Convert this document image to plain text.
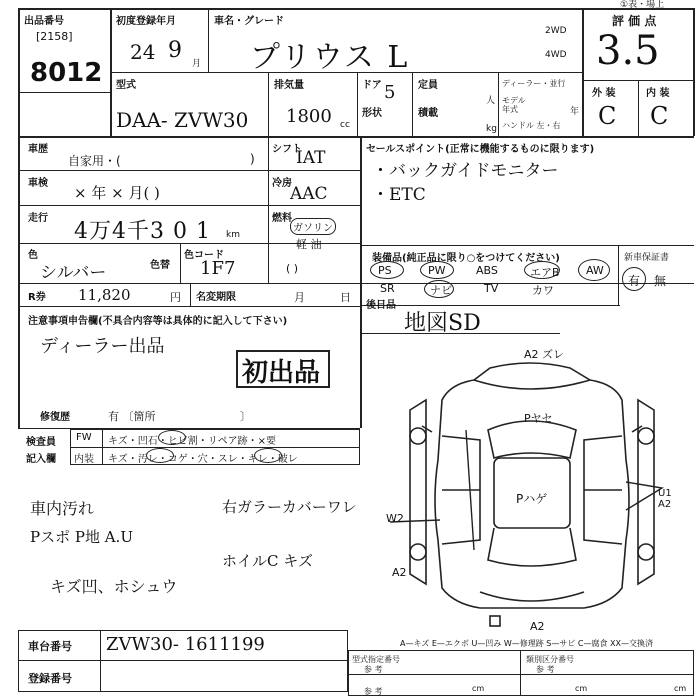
①表・場上
出品番号
[2158]
8012
初度登録年月
24 9
月
車名・グレード
プリウス L
2WD
4WD
評 価 点
3.5
型式
DAA- ZVW30
排気量
1800 cc
ドア 5 定員
人
形状	積載
kg
ディーラー・並行
モデル年式	年
ハンドル 左・右
外 装	内 装
C C
車歴
自家用・(	)
シフト
IAT	セールスポイント(正常に機能するものに限ります)
・バックガイドモニター
・ETC
車検
× 年 × 月( )
冷房
AAC
走行
4万4千3 0 1 km
燃料
ガソリン
軽 油
( )
色
シルバー	色替
色コード
1F7	装備品(純正品に限り○をつけてください)	新車保証書
PS	PW	ABS	エアB AW
SR	ナビ	TV	カワ
有 無
R券 11,820	円 名変期限	月	日
後日品
地図SD
注意事項申告欄(不具合内容等は具体的に記入して下さい)
ディーラー出品
初出品
修復歴	有 〔箇所	〕
検査員
記入欄
FW キズ・凹石・ヒビ割・リペア跡・×要
内装 キズ・汚レ・コゲ・穴・スレ・キレ・破レ
車内汚れ	右ガラーカバーワレ
Pスポ P地 A.U
ホイルC キズ
キズ凹、ホシュウ
A2 ズレ
Pヤセ
Pハゲ	U1 A2
W2
A2
A2
車台番号 ZVW30- 1611199
登録番号
A—キズ E—エクボ U—凹み W—修理跡 S—サビ C—腐食 XX—交換済
型式指定番号
参 考
類別区分番号
参 考
参 考	cm	cm	cm
